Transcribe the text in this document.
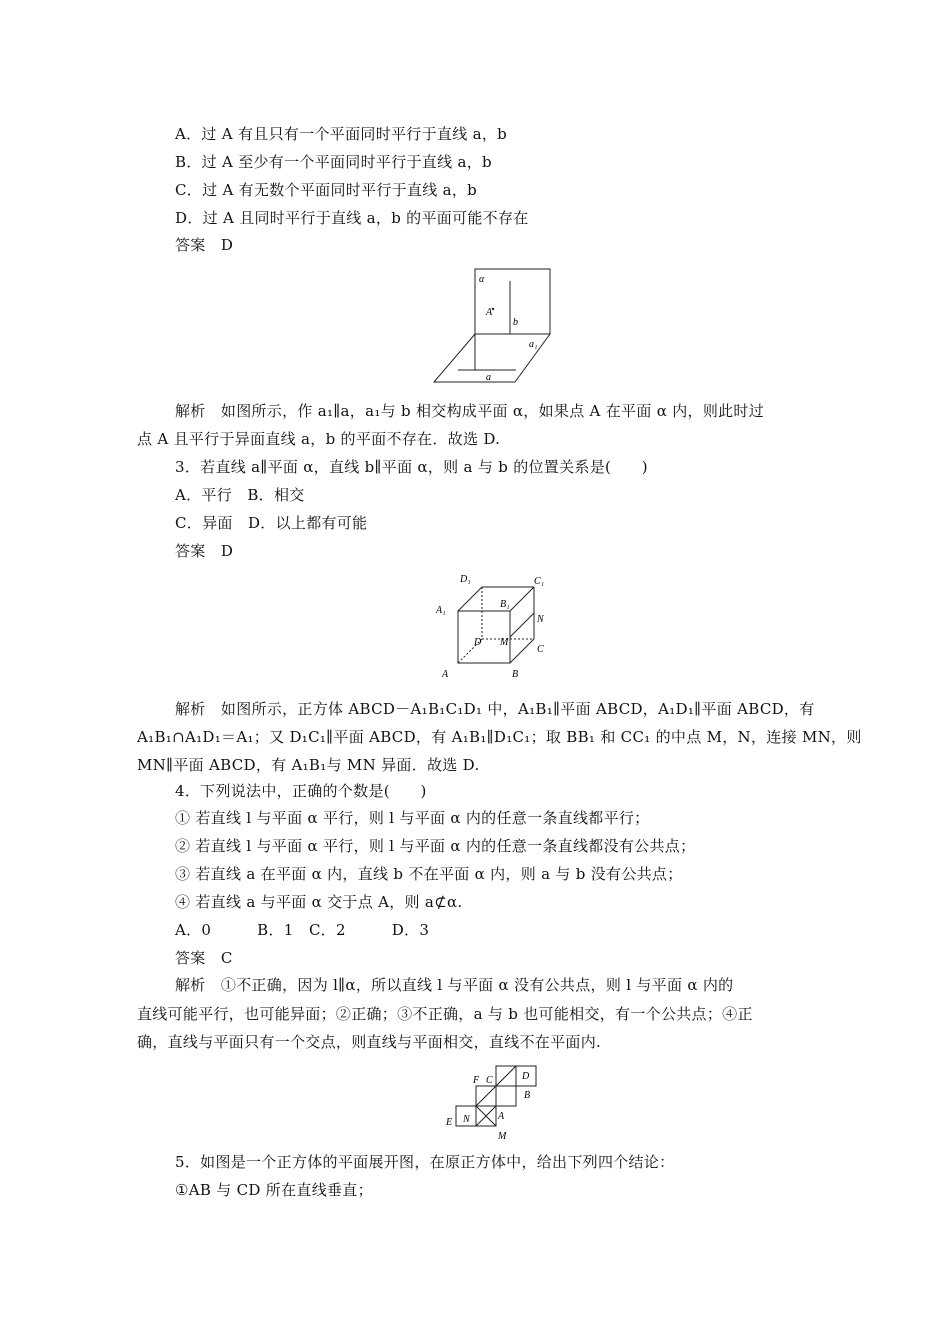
A．过 A 有且只有一个平面同时平行于直线 a，b
B．过 A 至少有一个平面同时平行于直线 a，b
C．过 A 有无数个平面同时平行于直线 a，b
D．过 A 且同时平行于直线 a，b 的平面可能不存在
答案　D
α
A
b
a₁
a
解析　如图所示，作 a₁∥a，a₁与 b 相交构成平面 α，如果点 A 在平面 α 内，则此时过
点 A 且平行于异面直线 a，b 的平面不存在．故选 D.
3．若直线 a∥平面 α，直线 b∥平面 α，则 a 与 b 的位置关系是(　　)
A．平行　B．相交
C．异面　D．以上都有可能
答案　D
D₁	C₁
A₁
B₁
N
D M
C
A	B
解析　如图所示，正方体 ABCD－A₁B₁C₁D₁ 中，A₁B₁∥平面 ABCD，A₁D₁∥平面 ABCD，有
A₁B₁∩A₁D₁＝A₁；又 D₁C₁∥平面 ABCD，有 A₁B₁∥D₁C₁；取 BB₁ 和 CC₁ 的中点 M，N，连接 MN，则
MN∥平面 ABCD，有 A₁B₁与 MN 异面．故选 D.
4．下列说法中，正确的个数是(　　)
① 若直线 l 与平面 α 平行，则 l 与平面 α 内的任意一条直线都平行；
② 若直线 l 与平面 α 平行，则 l 与平面 α 内的任意一条直线都没有公共点；
③ 若直线 a 在平面 α 内，直线 b 不在平面 α 内，则 a 与 b 没有公共点；
④ 若直线 a 与平面 α 交于点 A，则 a⊄α.
A．0　　　B．1　C．2　　　D．3
答案　C
解析　①不正确，因为 l∥α，所以直线 l 与平面 α 没有公共点，则 l 与平面 α 内的
直线可能平行，也可能异面；②正确；③不正确，a 与 b 也可能相交，有一个公共点；④正
确，直线与平面只有一个交点，则直线与平面相交，直线不在平面内.
F C	D
B
E N	A
M
5．如图是一个正方体的平面展开图，在原正方体中，给出下列四个结论：
①AB 与 CD 所在直线垂直；
